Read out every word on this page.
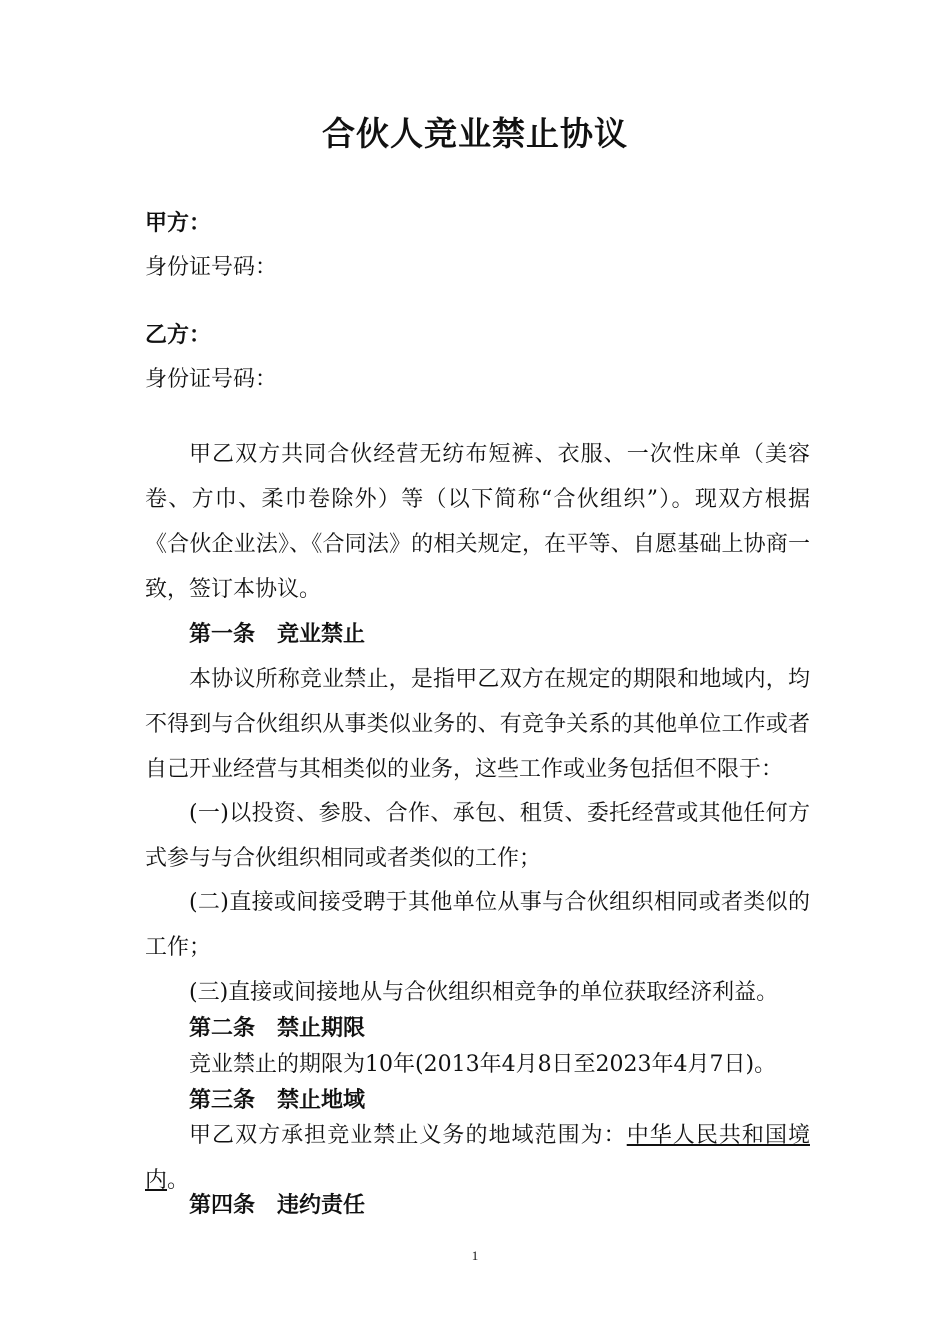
合伙人竞业禁止协议
甲方：
身份证号码：
乙方：
身份证号码：
甲乙双方共同合伙经营无纺布短裤、衣服、一次性床单（美容卷、方巾、柔巾卷除外）等（以下简称“合伙组织”）。现双方根据《合伙企业法》、《合同法》的相关规定，在平等、自愿基础上协商一致，签订本协议。
第一条 竞业禁止
本协议所称竞业禁止，是指甲乙双方在规定的期限和地域内，均不得到与合伙组织从事类似业务的、有竞争关系的其他单位工作或者自己开业经营与其相类似的业务，这些工作或业务包括但不限于：
(一)以投资、参股、合作、承包、租赁、委托经营或其他任何方式参与与合伙组织相同或者类似的工作；
(二)直接或间接受聘于其他单位从事与合伙组织相同或者类似的工作；
(三)直接或间接地从与合伙组织相竞争的单位获取经济利益。
第二条 禁止期限
竞业禁止的期限为10年(2013年4月8日至2023年4月7日)。
第三条 禁止地域
甲乙双方承担竞业禁止义务的地域范围为：中华人民共和国境内。
第四条 违约责任
1
